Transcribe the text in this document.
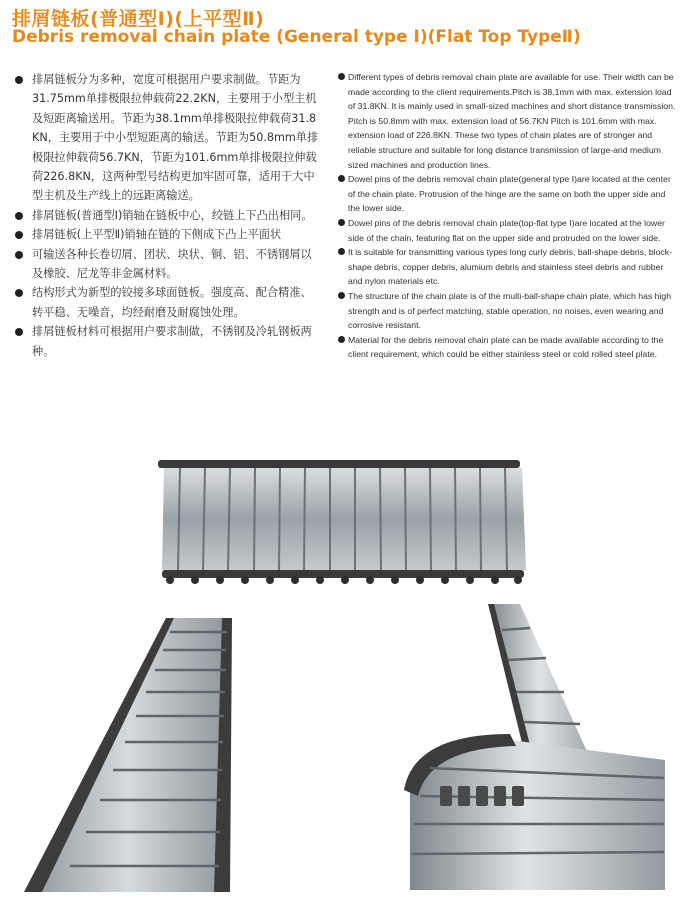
排屑链板(普通型Ⅰ)(上平型Ⅱ)
Debris removal chain plate (General type Ⅰ)(Flat Top TypeⅡ)
排屑链板分为多种，宽度可根据用户要求制做。节距为31.75mm单排极限拉伸载荷22.2KN，主要用于小型主机及短距离输送用。节距为38.1mm单排极限拉伸载荷31.8 KN，主要用于中小型短距离的输送。节距为50.8mm单排极限拉伸载荷56.7KN，节距为101.6mm单排极限拉伸载荷226.8KN，这两种型号结构更加牢固可靠，适用于大中型主机及生产线上的远距离输送。
排屑链板(普通型Ⅰ)销轴在链板中心，绞链上下凸出相同。
排屑链板(上平型Ⅱ)销轴在链的下侧成下凸上平面状
可输送各种长卷切屑、团状、块状、铜、铝、不锈钢屑以及橡胶、尼龙等非金属材料。
结构形式为新型的铰接多球面链板。强度高、配合精准、转平稳、无噪音，均经耐磨及耐腐蚀处理。
排屑链板材料可根据用户要求制做，不锈钢及冷轧钢板两种。
Different types of debris removal chain plate are available for use. Their width can be made according to the client requirements.Pitch is 38.1mm with max. extension load of 31.8KN. It is mainly used in small-sized machines and short distance transmission. Pitch is 50.8mm with max. extension load of 56.7KN Pitch is 101.6mm with max. extension load of 226.8KN. These two types of chain plates are of stronger and reliable structure and suitable for long distance transmission of large-and medium sized machines and production lines.
Dowel pins of the debris removal chain plate(general type Ⅰ)are located at the center of the chain plate. Protrusion of the hinge are the same on both the upper side and the lower side.
Dowel pins of the debris removal chain plate(top-flat type Ⅰ)are located at the lower side of the chain, featuring flat on the upper side and protruded on the lower side.
It is suitable for transmitting various types long curly debris, ball-shape debris, block-shape debris, copper debris, alumium debris and stainless steel debris and rubber and nylon materials etc.
The structure of the chain plate is of the multi-ball-shape chain plate, which has high strength and is of perfect matching, stable operation, no noises, even wearing and corrosive resistant.
Material for the debris removal chain plate can be made available according to the client requirement, which could be either stainless steel or cold rolled steel plate.
